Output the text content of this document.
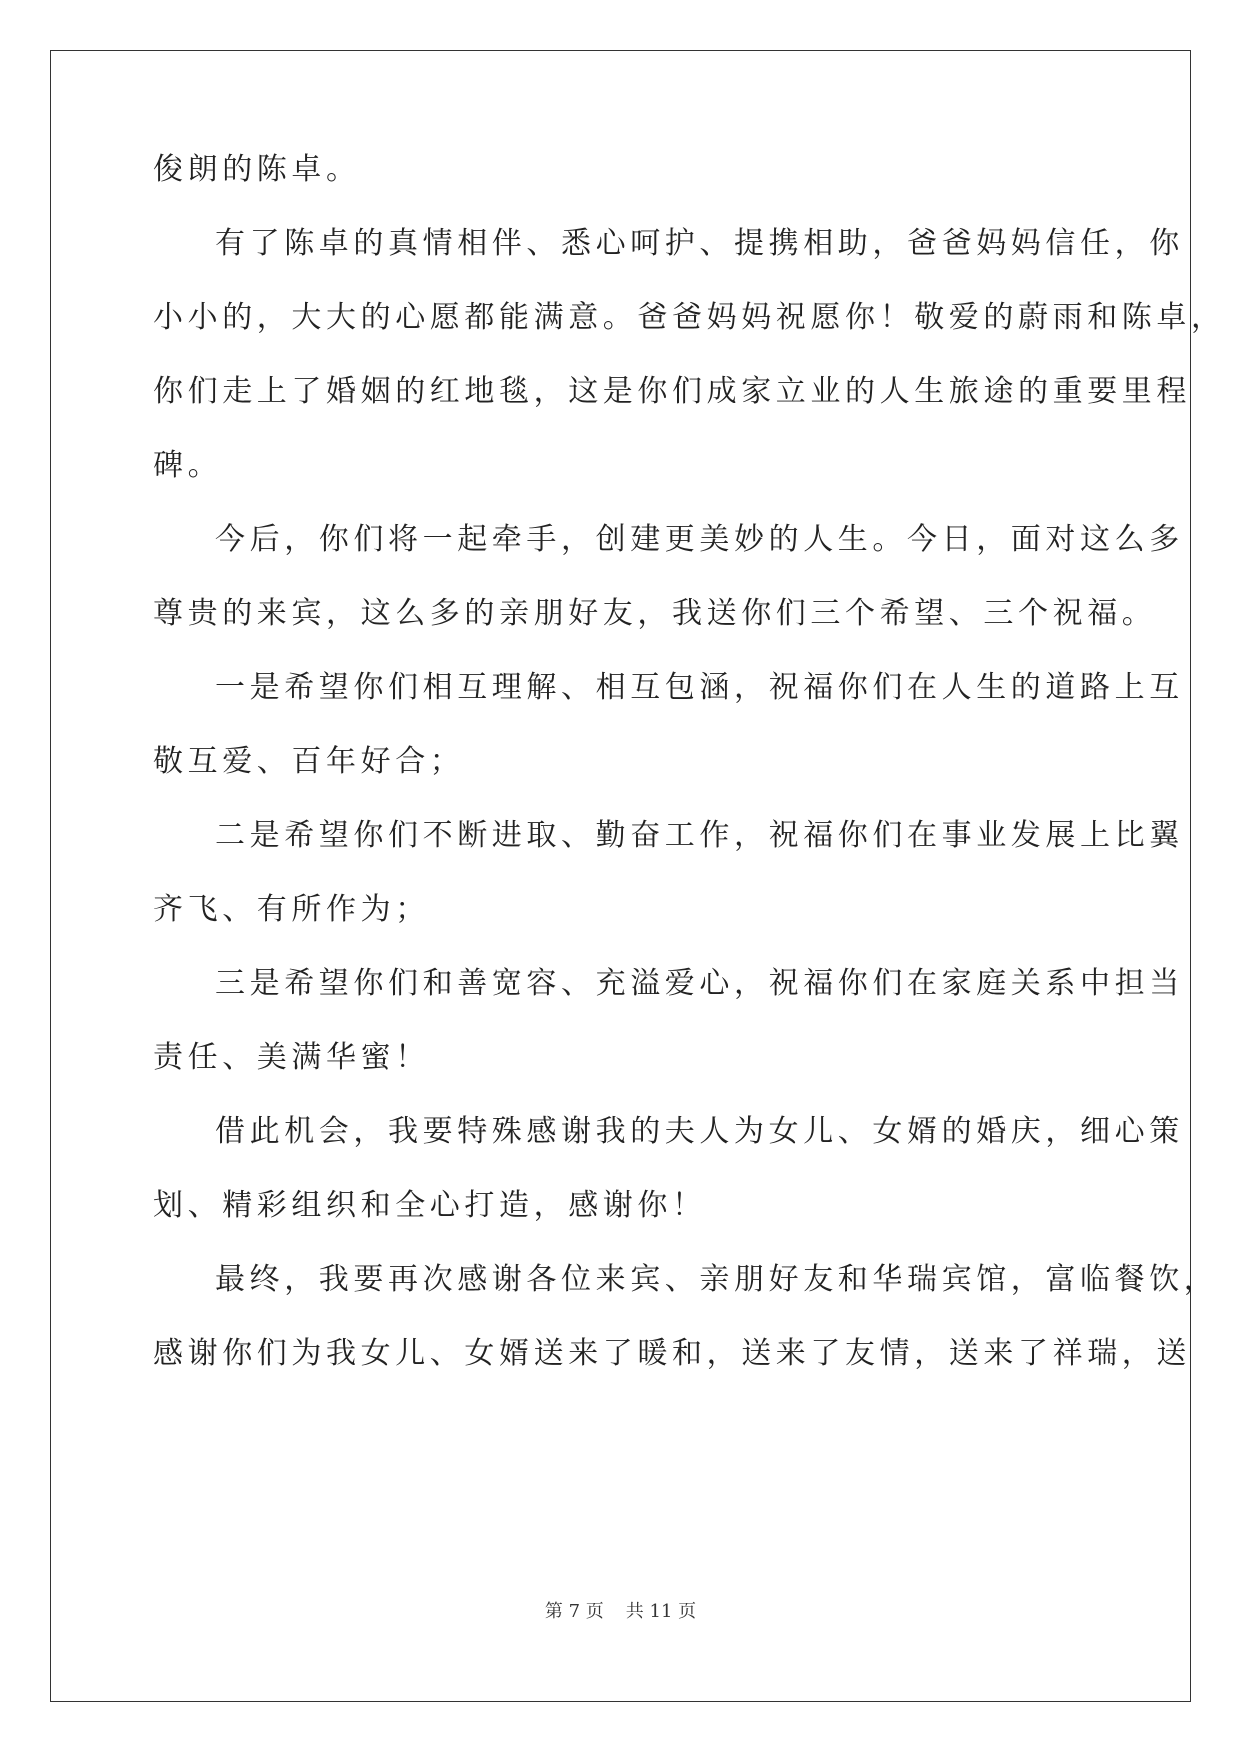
俊朗的陈卓。

有了陈卓的真情相伴、悉心呵护、提携相助，爸爸妈妈信任，你

小小的，大大的心愿都能满意。爸爸妈妈祝愿你！敬爱的蔚雨和陈卓，

你们走上了婚姻的红地毯，这是你们成家立业的人生旅途的重要里程

碑。

今后，你们将一起牵手，创建更美妙的人生。今日，面对这么多

尊贵的来宾，这么多的亲朋好友，我送你们三个希望、三个祝福。

一是希望你们相互理解、相互包涵，祝福你们在人生的道路上互

敬互爱、百年好合；

二是希望你们不断进取、勤奋工作，祝福你们在事业发展上比翼

齐飞、有所作为；

三是希望你们和善宽容、充溢爱心，祝福你们在家庭关系中担当

责任、美满华蜜！

借此机会，我要特殊感谢我的夫人为女儿、女婿的婚庆，细心策

划、精彩组织和全心打造，感谢你！

最终，我要再次感谢各位来宾、亲朋好友和华瑞宾馆，富临餐饮，

感谢你们为我女儿、女婿送来了暖和，送来了友情，送来了祥瑞，送

第 7 页 共 11 页
